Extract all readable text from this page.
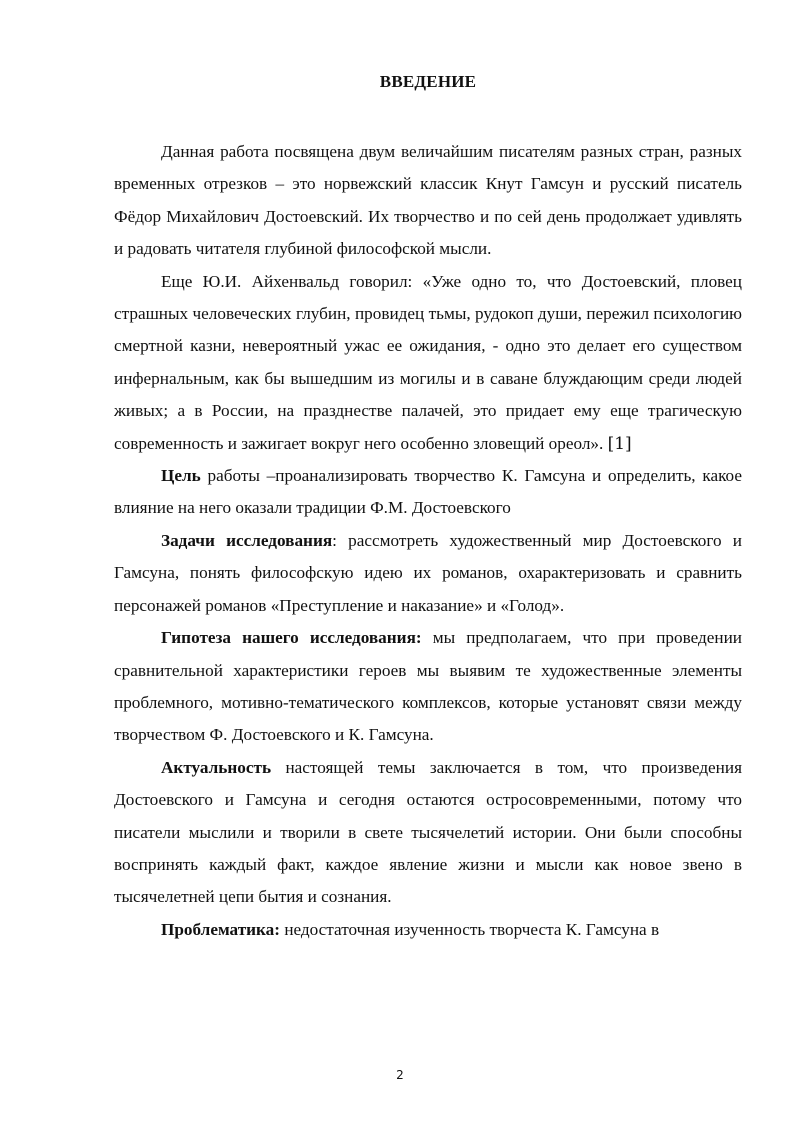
ВВЕДЕНИЕ

Данная работа посвящена двум величайшим писателям разных стран, разных временных отрезков – это норвежский классик Кнут Гамсун и русский писатель Фёдор Михайлович Достоевский. Их творчество и по сей день продолжает удивлять и радовать читателя глубиной философской мысли.

Еще Ю.И. Айхенвальд говорил: «Уже одно то, что Достоевский, пловец страшных человеческих глубин, провидец тьмы, рудокоп души, пережил психологию смертной казни, невероятный ужас ее ожидания, - одно это делает его существом инфернальным, как бы вышедшим из могилы и в саване блуждающим среди людей живых; а в России, на празднестве палачей, это придает ему еще трагическую современность и зажигает вокруг него особенно зловещий ореол». [1]

Цель работы –проанализировать творчество К. Гамсуна и определить, какое влияние на него оказали традиции Ф.М. Достоевского

Задачи исследования: рассмотреть художественный мир Достоевского и Гамсуна, понять философскую идею их романов, охарактеризовать и сравнить персонажей романов «Преступление и наказание» и «Голод».

Гипотеза нашего исследования: мы предполагаем, что при проведении сравнительной характеристики героев мы выявим те художественные элементы проблемного, мотивно-тематического комплексов, которые установят связи между творчеством Ф. Достоевского и К. Гамсуна.

Актуальность настоящей темы заключается в том, что произведения Достоевского и Гамсуна и сегодня остаются остросовременными, потому что писатели мыслили и творили в свете тысячелетий истории. Они были способны воспринять каждый факт, каждое явление жизни и мысли как новое звено в тысячелетней цепи бытия и сознания.

Проблематика: недостаточная изученность творчеста К. Гамсуна в

2
